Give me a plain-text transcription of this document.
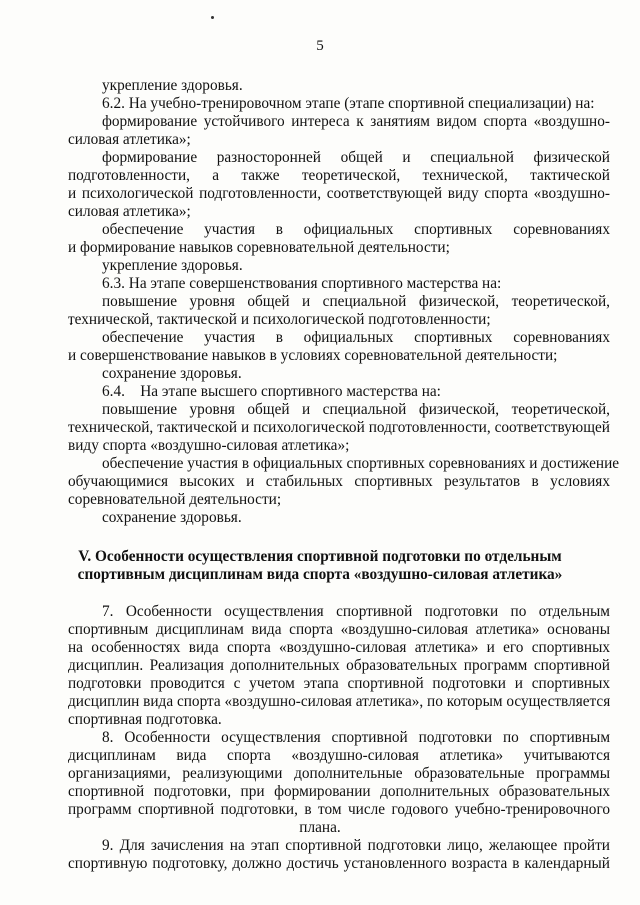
5
укрепление здоровья.
6.2. На учебно-тренировочном этапе (этапе спортивной специализации) на:
формирование устойчивого интереса к занятиям видом спорта «воздушно-
силовая атлетика»;
формирование разносторонней общей и специальной физической
подготовленности, а также теоретической, технической, тактической
и психологической подготовленности, соответствующей виду спорта «воздушно-
силовая атлетика»;
обеспечение участия в официальных спортивных соревнованиях
и формирование навыков соревновательной деятельности;
укрепление здоровья.
6.3. На этапе совершенствования спортивного мастерства на:
повышение уровня общей и специальной физической, теоретической,
технической, тактической и психологической подготовленности;
обеспечение участия в официальных спортивных соревнованиях
и совершенствование навыков в условиях соревновательной деятельности;
сохранение здоровья.
6.4.    На этапе высшего спортивного мастерства на:
повышение уровня общей и специальной физической, теоретической,
технической, тактической и психологической подготовленности, соответствующей
виду спорта «воздушно-силовая атлетика»;
обеспечение участия в официальных спортивных соревнованиях и достижение
обучающимися высоких и стабильных спортивных результатов в условиях
соревновательной деятельности;
сохранение здоровья.
V. Особенности осуществления спортивной подготовки по отдельным
спортивным дисциплинам вида спорта «воздушно-силовая атлетика»
7. Особенности осуществления спортивной подготовки по отдельным
спортивным дисциплинам вида спорта «воздушно-силовая атлетика» основаны
на особенностях вида спорта «воздушно-силовая атлетика» и его спортивных
дисциплин. Реализация дополнительных образовательных программ спортивной
подготовки проводится с учетом этапа спортивной подготовки и спортивных
дисциплин вида спорта «воздушно-силовая атлетика», по которым осуществляется
спортивная подготовка.
8. Особенности осуществления спортивной подготовки по спортивным
дисциплинам вида спорта «воздушно-силовая атлетика» учитываются
организациями, реализующими дополнительные образовательные программы
спортивной подготовки, при формировании дополнительных образовательных
программ спортивной подготовки, в том числе годового учебно-тренировочного
плана.
9. Для зачисления на этап спортивной подготовки лицо, желающее пройти
спортивную подготовку, должно достичь установленного возраста в календарный
